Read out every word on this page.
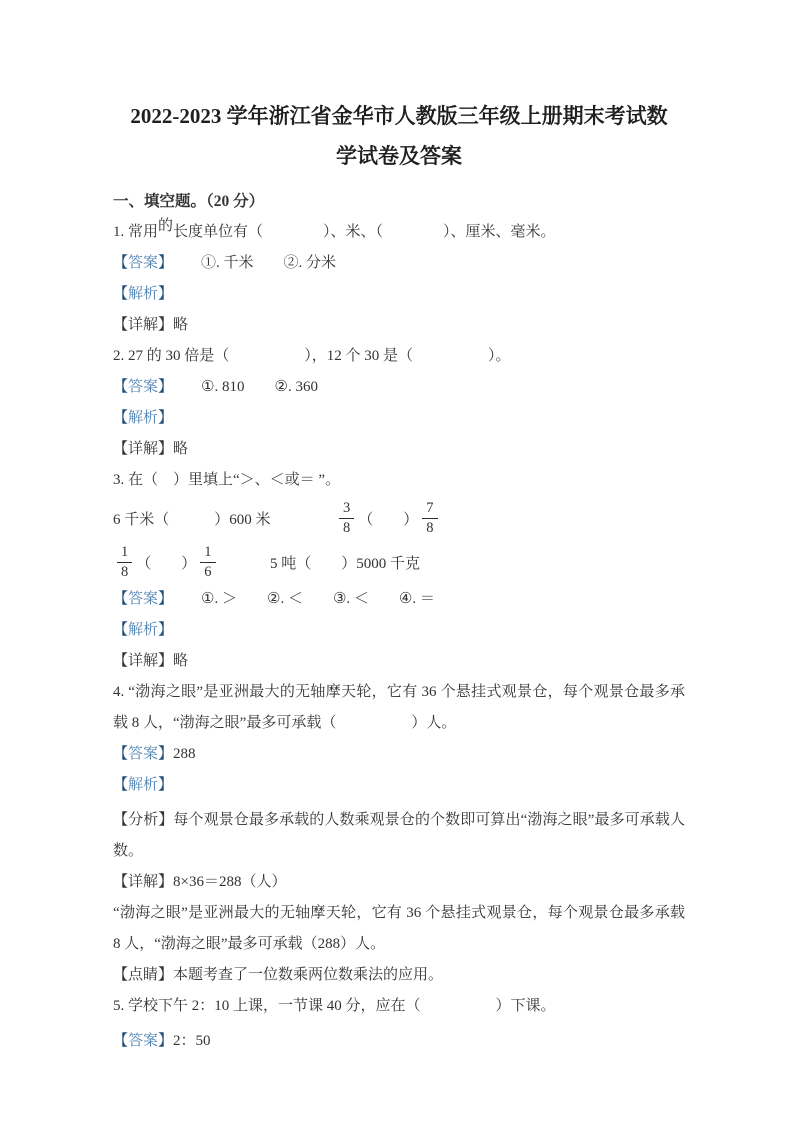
2022-2023 学年浙江省金华市人教版三年级上册期末考试数
学试卷及答案
一、填空题。（20 分）

1. 常用的长度单位有（　　　　）、米、（　　　　）、厘米、毫米。

【答案】 ①. 千米　　②. 分米

【解析】

【详解】略

2. 27 的 30 倍是（　　　　　），12 个 30 是（　　　　　）。

【答案】 ①. 810　　②. 360

【解析】

【详解】略

3. 在（　）里填上“＞、＜或＝ ”。

6 千米（　　　）600 米	$\frac{3}{8}$ （　　） $\frac{7}{8}$
$\frac{1}{8}$ （　　） $\frac{1}{6}$	5 吨（　　）5000 千克

【答案】 ①. ＞　　②. ＜　　③. ＜　　④. ＝

【解析】

【详解】略

4. “渤海之眼”是亚洲最大的无轴摩天轮，它有 36 个悬挂式观景仓，每个观景仓最多承载 8 人，“渤海之眼”最多可承载（　　　　　）人。

【答案】288

【解析】

【分析】每个观景仓最多承载的人数乘观景仓的个数即可算出“渤海之眼”最多可承载人数。

【详解】8×36＝288（人）

“渤海之眼”是亚洲最大的无轴摩天轮，它有 36 个悬挂式观景仓，每个观景仓最多承载 8 人，“渤海之眼”最多可承载（288）人。

【点睛】本题考查了一位数乘两位数乘法的应用。

5. 学校下午 2：10 上课，一节课 40 分，应在（　　　　　）下课。

【答案】2：50
